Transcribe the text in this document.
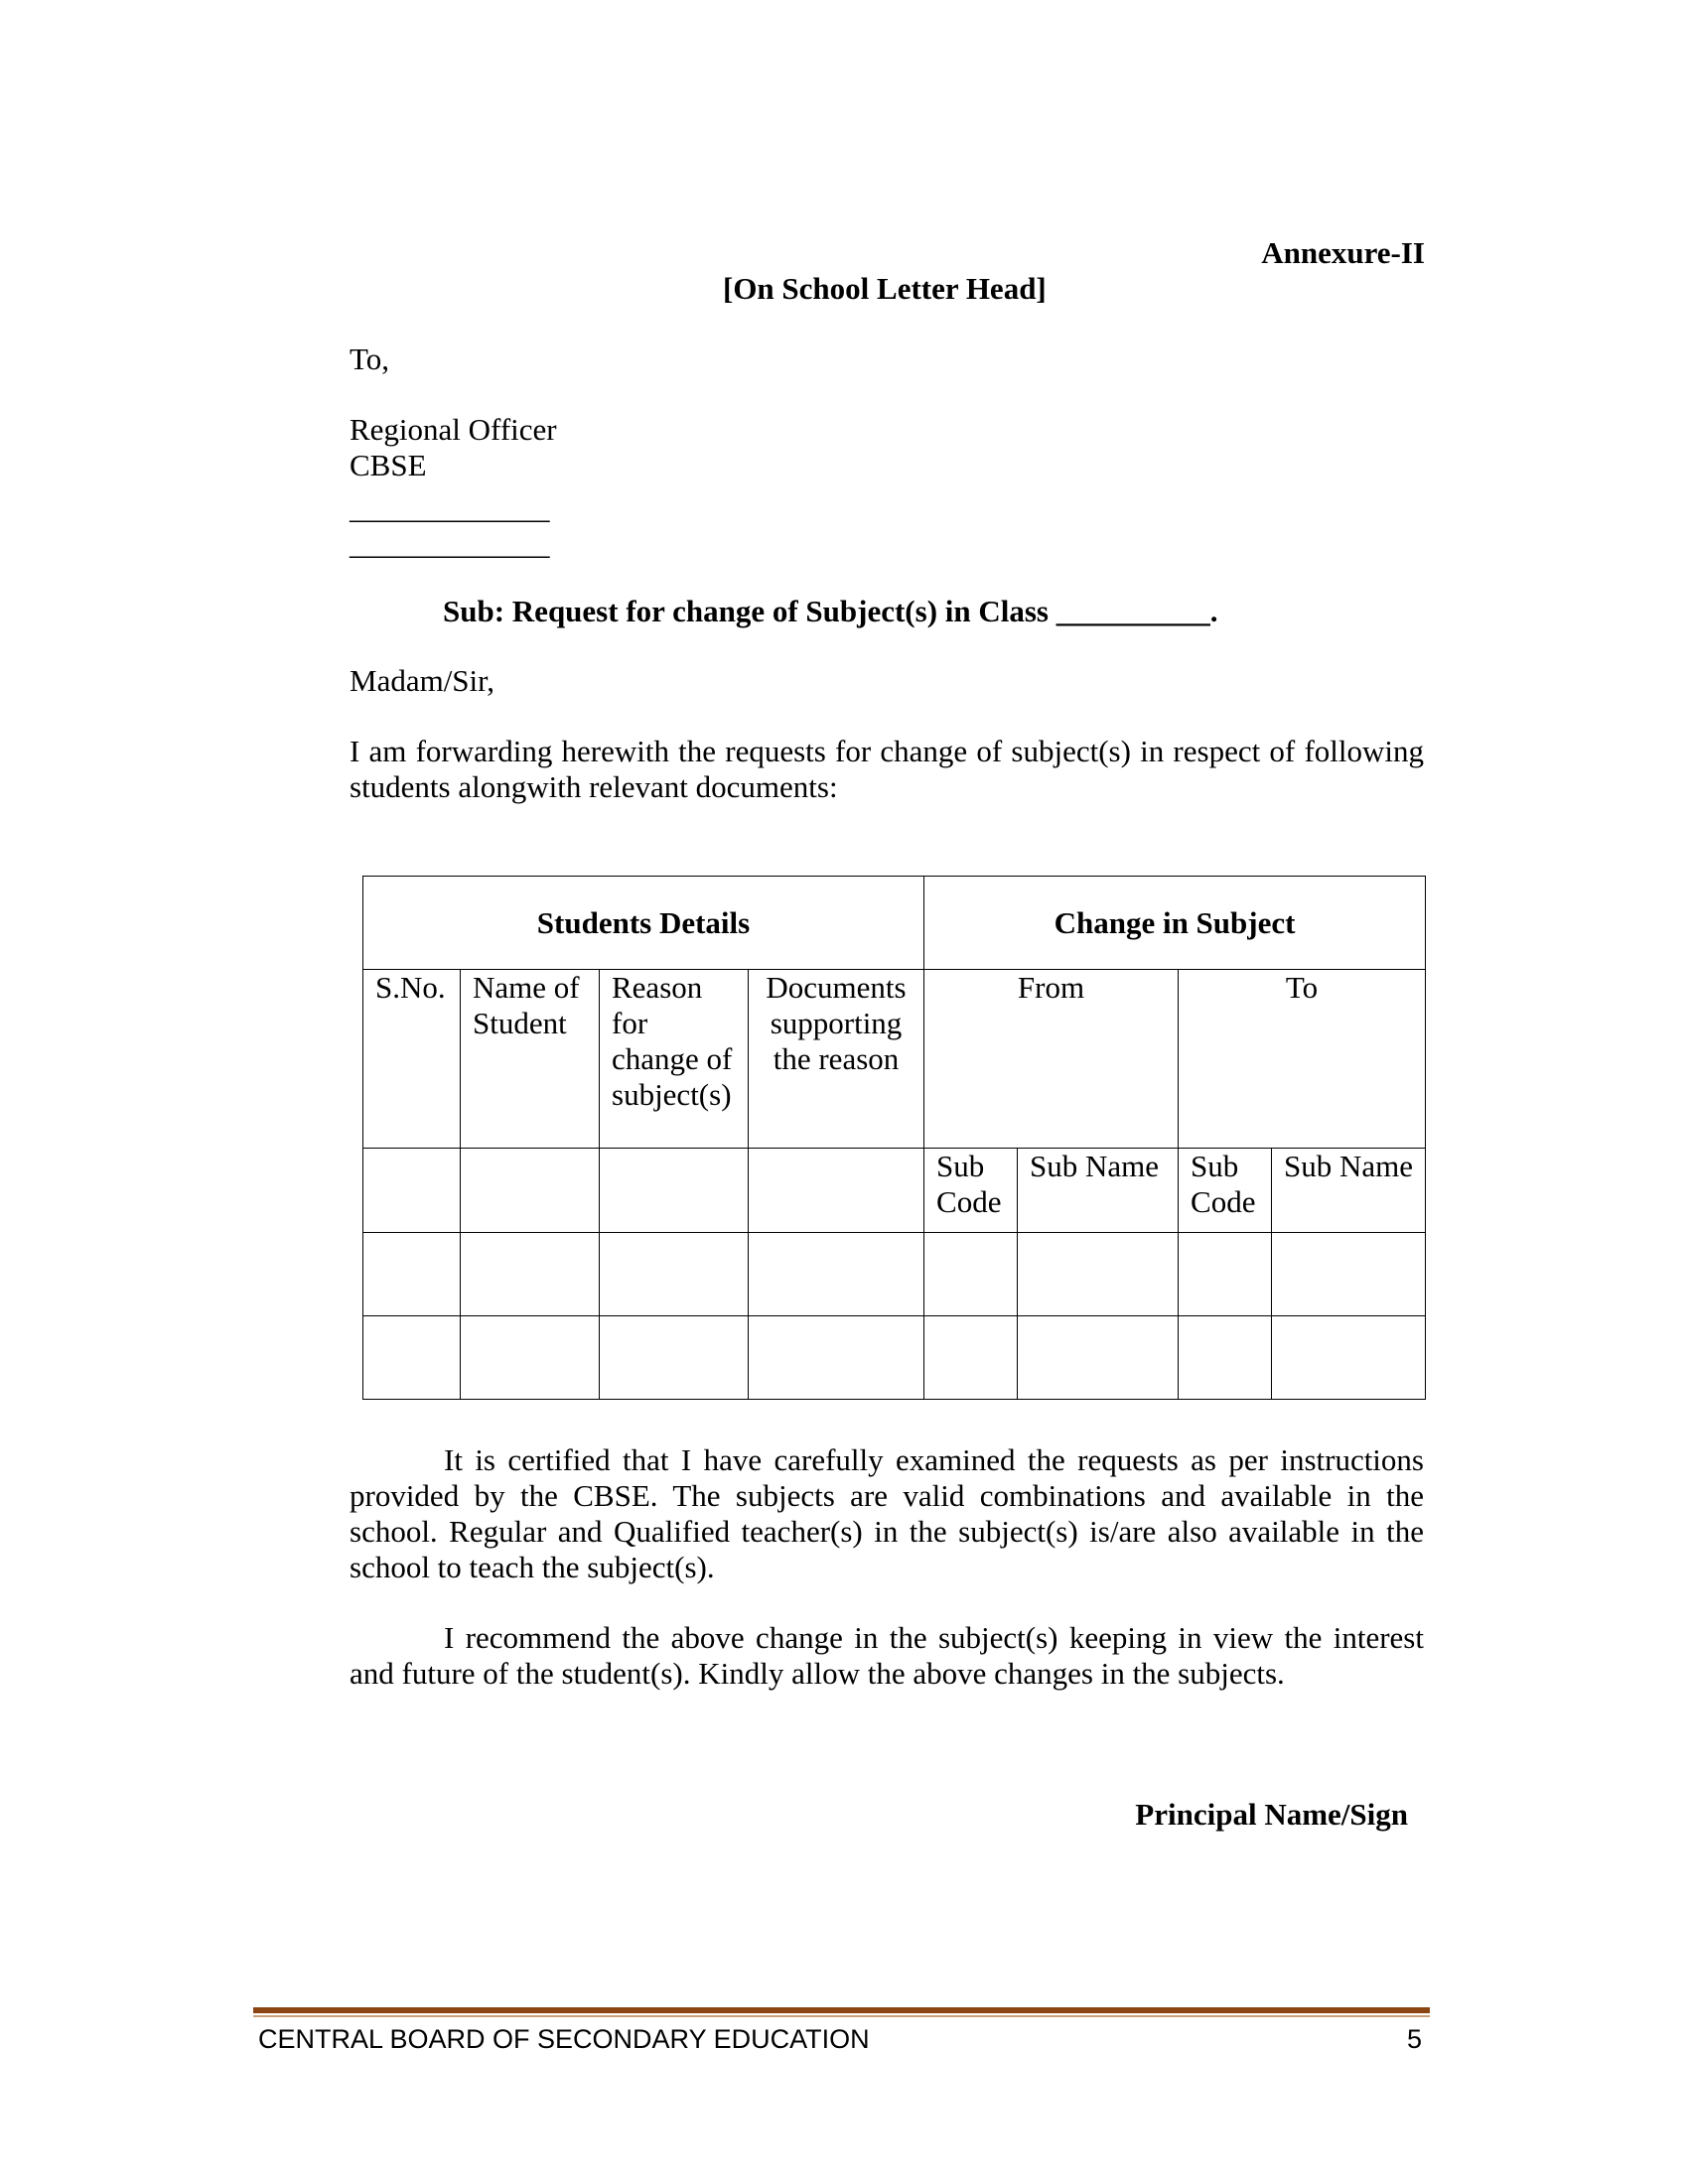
Annexure-II
[On School Letter Head]
To,
Regional Officer
CBSE
_____________
_____________
Sub: Request for change of Subject(s) in Class __________.
Madam/Sir,
I am forwarding herewith the requests for change of subject(s) in respect of following students alongwith relevant documents:
Students Details				Change in Subject			
S.No.	Name of Student	Reason for change of subject(s)	Documents supporting the reason	From		To	
				Sub Code	Sub Name	Sub Code	Sub Name

It is certified that I have carefully examined the requests as per instructions provided by the CBSE. The subjects are valid combinations and available in the school. Regular and Qualified teacher(s) in the subject(s) is/are also available in the school to teach the subject(s).
I recommend the above change in the subject(s) keeping in view the interest and future of the student(s). Kindly allow the above changes in the subjects.
Principal Name/Sign
CENTRAL BOARD OF SECONDARY EDUCATION	5
